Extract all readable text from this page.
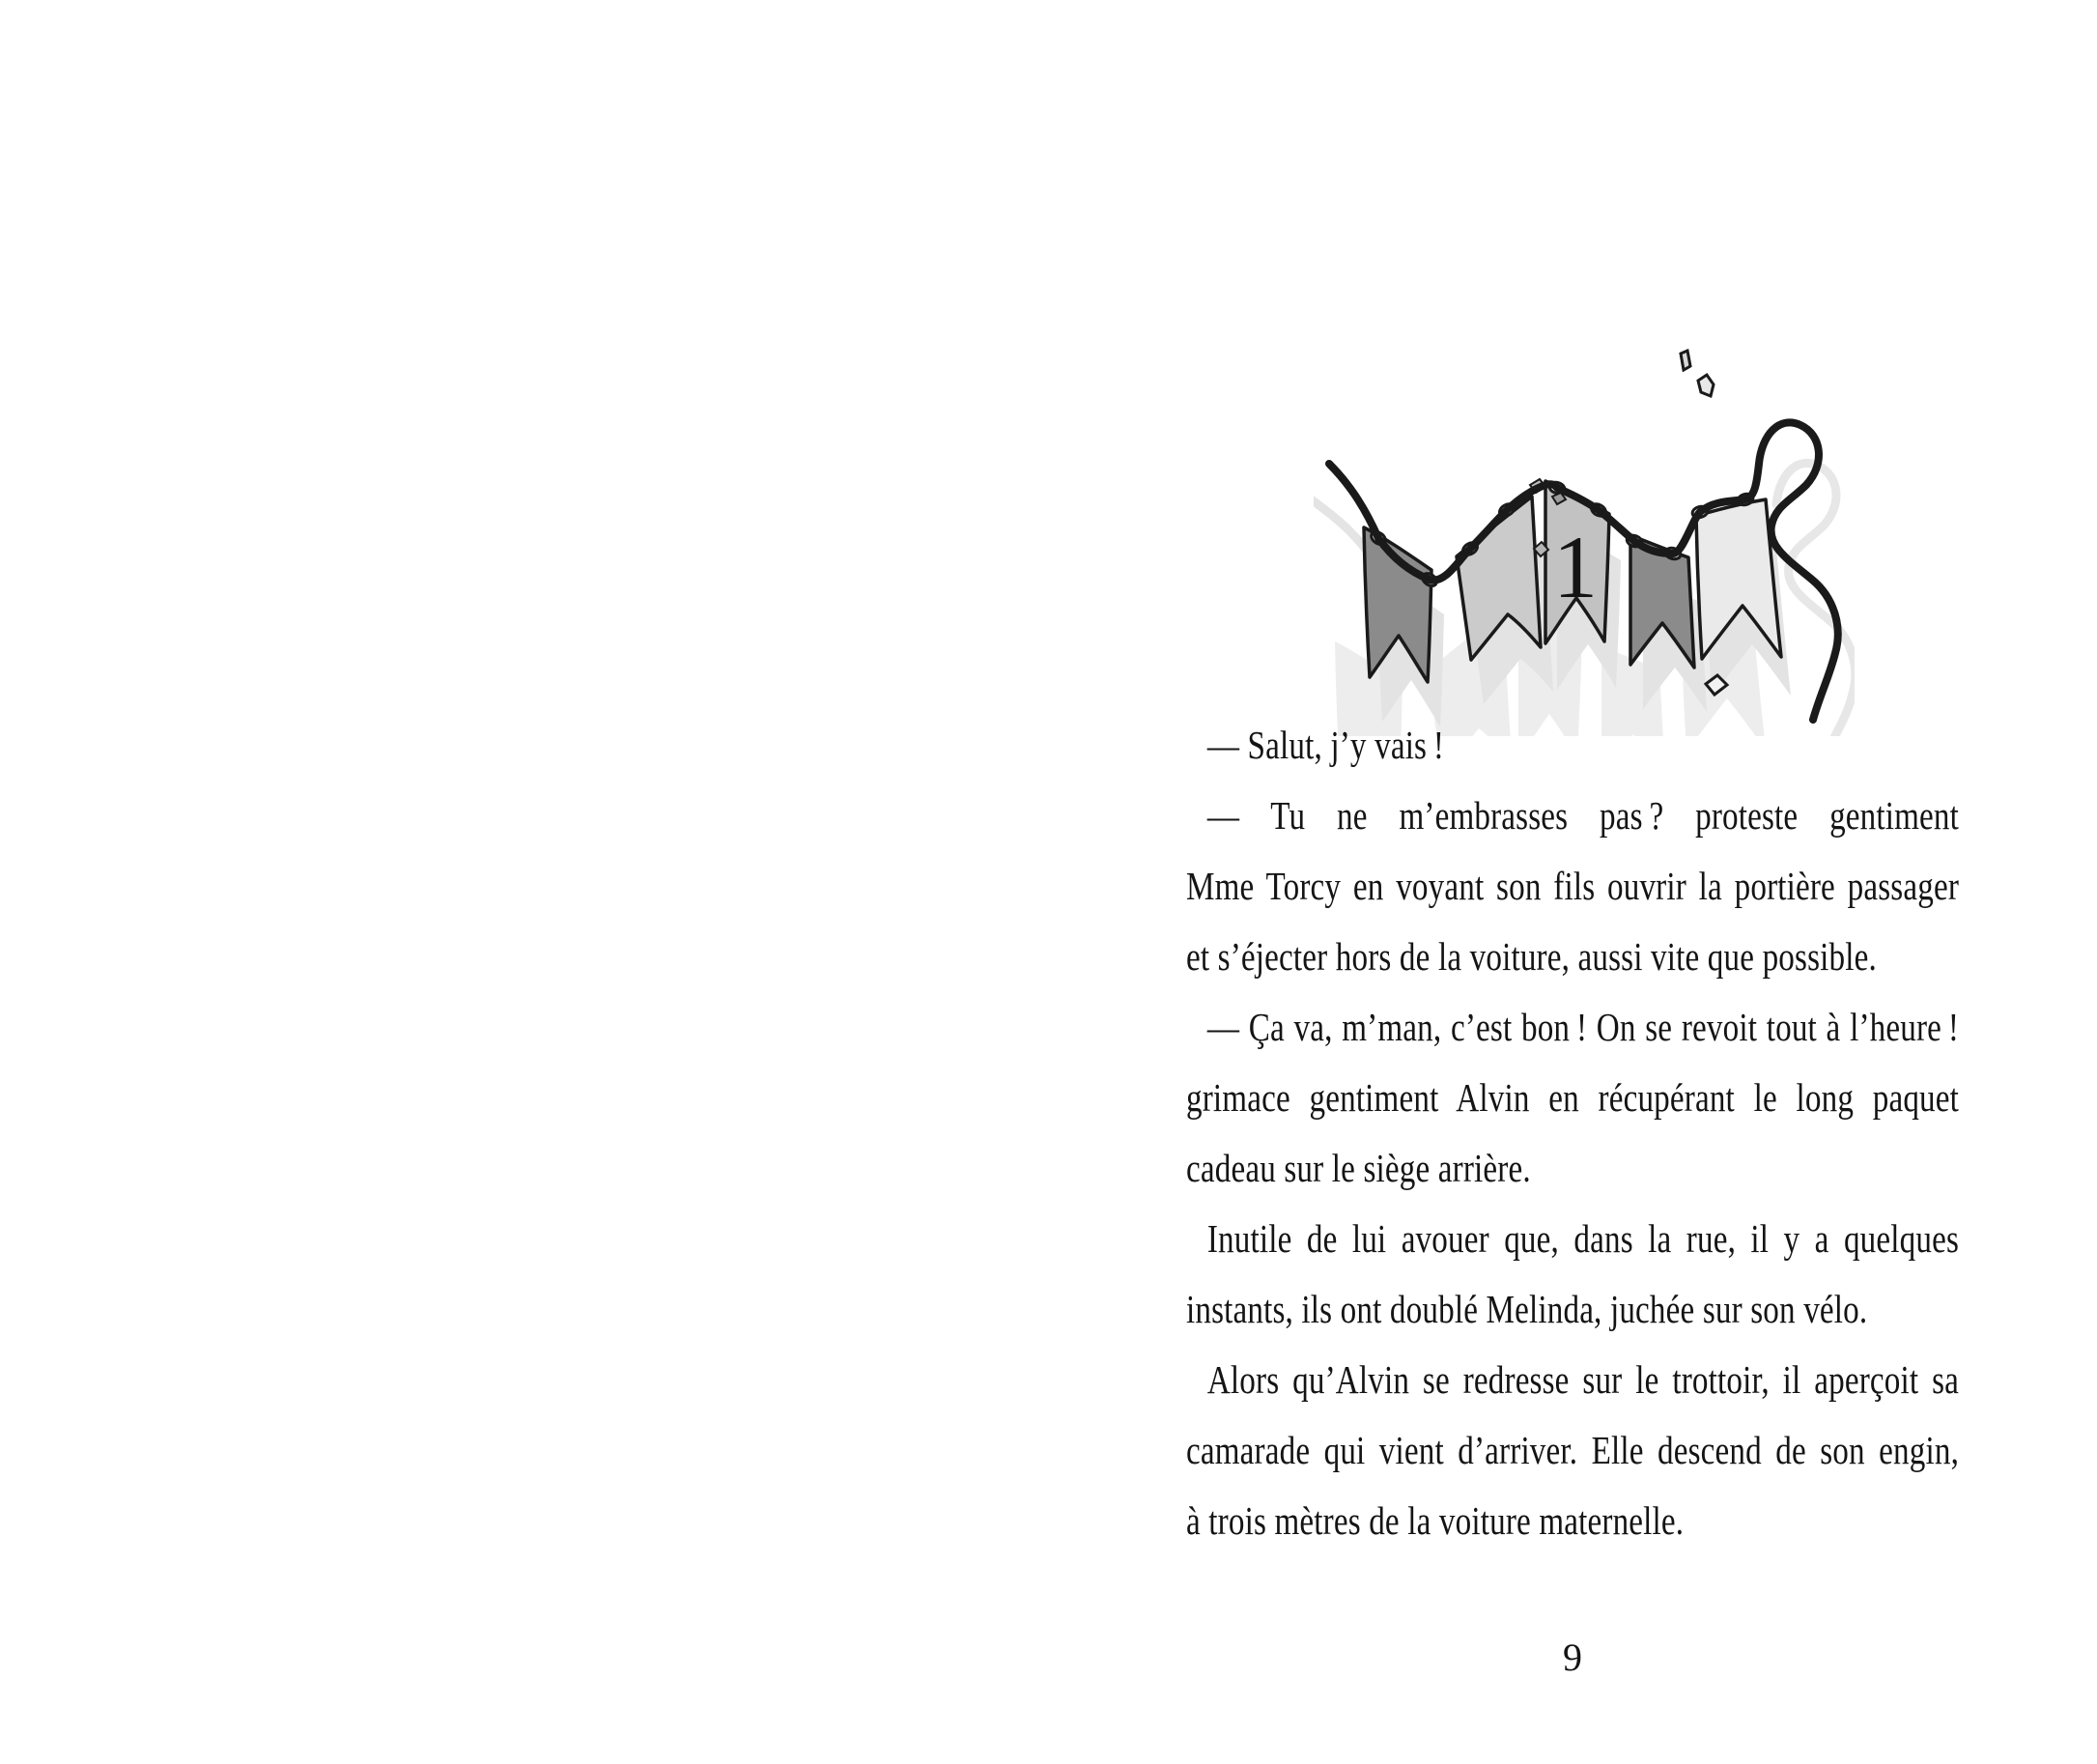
1
— Salut, j’y vais !
— Tu ne m’embrasses pas ? proteste gentiment
Mme Torcy en voyant son fils ouvrir la portière passager
et s’éjecter hors de la voiture, aussi vite que possible.
— Ça va, m’man, c’est bon ! On se revoit tout à l’heure !
grimace gentiment Alvin en récupérant le long paquet
cadeau sur le siège arrière.
Inutile de lui avouer que, dans la rue, il y a quelques
instants, ils ont doublé Melinda, juchée sur son vélo.
Alors qu’Alvin se redresse sur le trottoir, il aperçoit sa
camarade qui vient d’arriver. Elle descend de son engin,
à trois mètres de la voiture maternelle.
9
